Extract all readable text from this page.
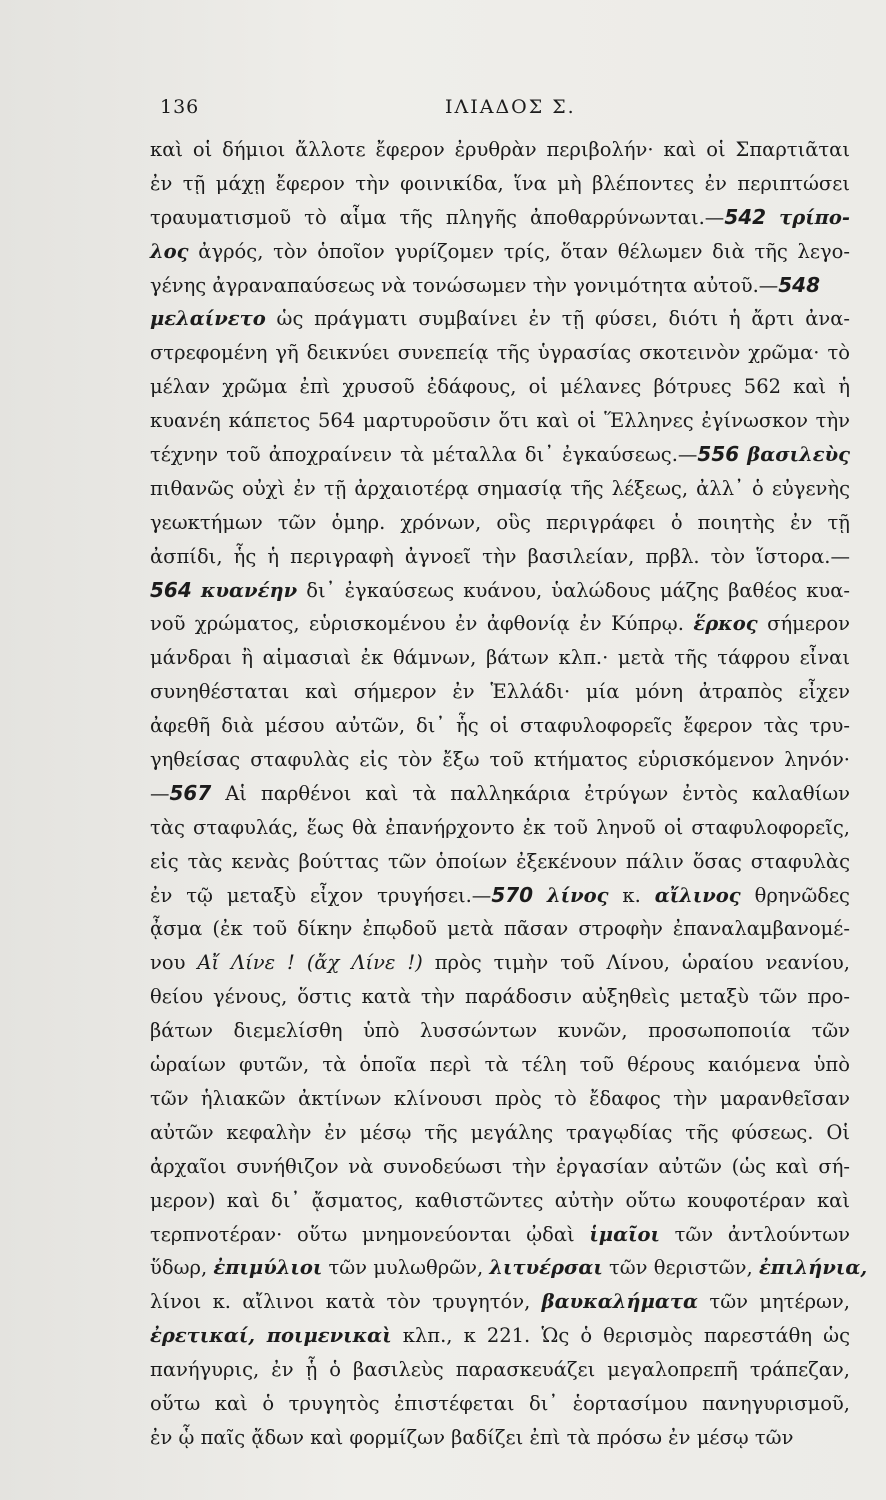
136	ΙΛΙΑΔΟΣ Σ.
καὶ οἱ δήμιοι ἄλλοτε ἔφερον ἐρυθρὰν περιβολήν· καὶ οἱ Σπαρτιᾶται
ἐν τῇ μάχῃ ἔφερον τὴν φοινικίδα, ἵνα μὴ βλέποντες ἐν περιπτώσει
τραυματισμοῦ τὸ αἷμα τῆς πληγῆς ἀποθαρρύνωνται.—542 τρίπο-
λος ἀγρός, τὸν ὁποῖον γυρίζομεν τρίς, ὅταν θέλωμεν διὰ τῆς λεγο-
γένης ἀγραναπαύσεως νὰ τονώσωμεν τὴν γονιμότητα αὐτοῦ.—548
μελαίνετο ὡς πράγματι συμβαίνει ἐν τῇ φύσει, διότι ἡ ἄρτι ἀνα-
στρεφομένη γῆ δεικνύει συνεπείᾳ τῆς ὑγρασίας σκοτεινὸν χρῶμα· τὸ
μέλαν χρῶμα ἐπὶ χρυσοῦ ἐδάφους, οἱ μέλανες βότρυες 562 καὶ ἡ
κυανέη κάπετος 564 μαρτυροῦσιν ὅτι καὶ οἱ Ἕλληνες ἐγίνωσκον τὴν
τέχνην τοῦ ἀποχραίνειν τὰ μέταλλα δι᾽ ἐγκαύσεως.—556 βασιλεὺς
πιθανῶς οὐχὶ ἐν τῇ ἀρχαιοτέρᾳ σημασίᾳ τῆς λέξεως, ἀλλ᾽ ὁ εὐγενὴς
γεωκτήμων τῶν ὁμηρ. χρόνων, οὓς περιγράφει ὁ ποιητὴς ἐν τῇ
ἀσπίδι, ἧς ἡ περιγραφὴ ἀγνοεῖ τὴν βασιλείαν, πρβλ. τὸν ἵστορα.—
564 κυανέην δι᾽ ἐγκαύσεως κυάνου, ὑαλώδους μάζης βαθέος κυα-
νοῦ χρώματος, εὑρισκομένου ἐν ἀφθονίᾳ ἐν Κύπρῳ. ἕρκος σήμερον
μάνδραι ἢ αἱμασιαὶ ἐκ θάμνων, βάτων κλπ.· μετὰ τῆς τάφρου εἶναι
συνηθέσταται καὶ σήμερον ἐν Ἑλλάδι· μία μόνη ἀτραπὸς εἶχεν
ἀφεθῆ διὰ μέσου αὐτῶν, δι᾽ ἧς οἱ σταφυλοφορεῖς ἔφερον τὰς τρυ-
γηθείσας σταφυλὰς εἰς τὸν ἔξω τοῦ κτήματος εὑρισκόμενον ληνόν·
—567 Αἱ παρθένοι καὶ τὰ παλληκάρια ἐτρύγων ἐντὸς καλαθίων
τὰς σταφυλάς, ἕως θὰ ἐπανήρχοντο ἐκ τοῦ ληνοῦ οἱ σταφυλοφορεῖς,
εἰς τὰς κενὰς βούττας τῶν ὁποίων ἐξεκένουν πάλιν ὅσας σταφυλὰς
ἐν τῷ μεταξὺ εἶχον τρυγήσει.—570 λίνος κ. αἴλινος θρηνῶδες
ᾆσμα (ἐκ τοῦ δίκην ἐπῳδοῦ μετὰ πᾶσαν στροφὴν ἐπαναλαμβανομέ-
νου Αἴ Λίνε ! (ἄχ Λίνε !) πρὸς τιμὴν τοῦ Λίνου, ὡραίου νεανίου,
θείου γένους, ὅστις κατὰ τὴν παράδοσιν αὐξηθεὶς μεταξὺ τῶν προ-
βάτων διεμελίσθη ὑπὸ λυσσώντων κυνῶν, προσωποποιία τῶν
ὡραίων φυτῶν, τὰ ὁποῖα περὶ τὰ τέλη τοῦ θέρους καιόμενα ὑπὸ
τῶν ἡλιακῶν ἀκτίνων κλίνουσι πρὸς τὸ ἔδαφος τὴν μαρανθεῖσαν
αὐτῶν κεφαλὴν ἐν μέσῳ τῆς μεγάλης τραγῳδίας τῆς φύσεως. Οἱ
ἀρχαῖοι συνήθιζον νὰ συνοδεύωσι τὴν ἐργασίαν αὐτῶν (ὡς καὶ σή-
μερον) καὶ δι᾽ ᾄσματος, καθιστῶντες αὐτὴν οὕτω κουφοτέραν καὶ
τερπνοτέραν· οὕτω μνημονεύονται ᾠδαὶ ἱμαῖοι τῶν ἀντλούντων
ὕδωρ, ἐπιμύλιοι τῶν μυλωθρῶν, λιτυέρσαι τῶν θεριστῶν, ἐπιλήνια,
λίνοι κ. αἴλινοι κατὰ τὸν τρυγητόν, βαυκαλήματα τῶν μητέρων,
ἐρετικαί, ποιμενικαὶ κλπ., κ 221. Ὡς ὁ θερισμὸς παρεστάθη ὡς
πανήγυρις, ἐν ᾗ ὁ βασιλεὺς παρασκευάζει μεγαλοπρεπῆ τράπεζαν,
οὕτω καὶ ὁ τρυγητὸς ἐπιστέφεται δι᾽ ἑορτασίμου πανηγυρισμοῦ,
ἐν ᾧ παῖς ᾄδων καὶ φορμίζων βαδίζει ἐπὶ τὰ πρόσω ἐν μέσῳ τῶν
